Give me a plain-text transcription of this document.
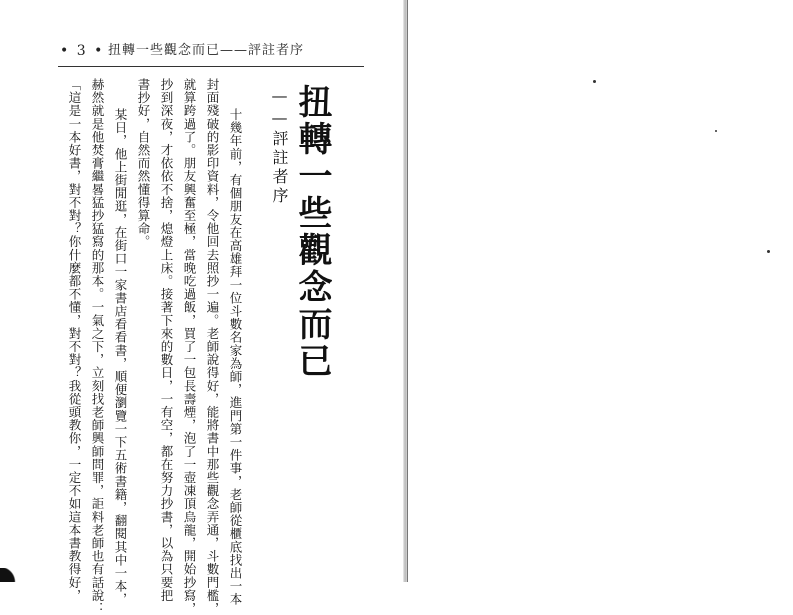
• 3 • 扭轉一些觀念而已——評註者序
扭轉一些觀念而已
——評註者序
十幾年前，有個朋友在高雄拜一位斗數名家為師，進門第一件事，老師從櫃底找出一本
封面殘破的影印資料，令他回去照抄一遍。老師說得好，能將書中那些觀念弄通，斗數門檻，
就算跨過了。朋友興奮至極，當晚吃過飯，買了一包長壽煙，泡了一壺凍頂烏龍，開始抄寫，
抄到深夜，才依依不捨，熄燈上床。接著下來的數日，一有空，都在努力抄書，以為只要把
書抄好，自然而然懂得算命。
某日，他上街閒逛，在街口一家書店看看書，順便瀏覽一下五術書籍，翻閱其中一本，
赫然就是他焚膏繼晷猛抄猛寫的那本。一氣之下，立刻找老師興師問罪，詎料老師也有話說：
「這是一本好書，對不對？你什麼都不懂，對不對？我從頭教你，一定不如這本書教得好，
